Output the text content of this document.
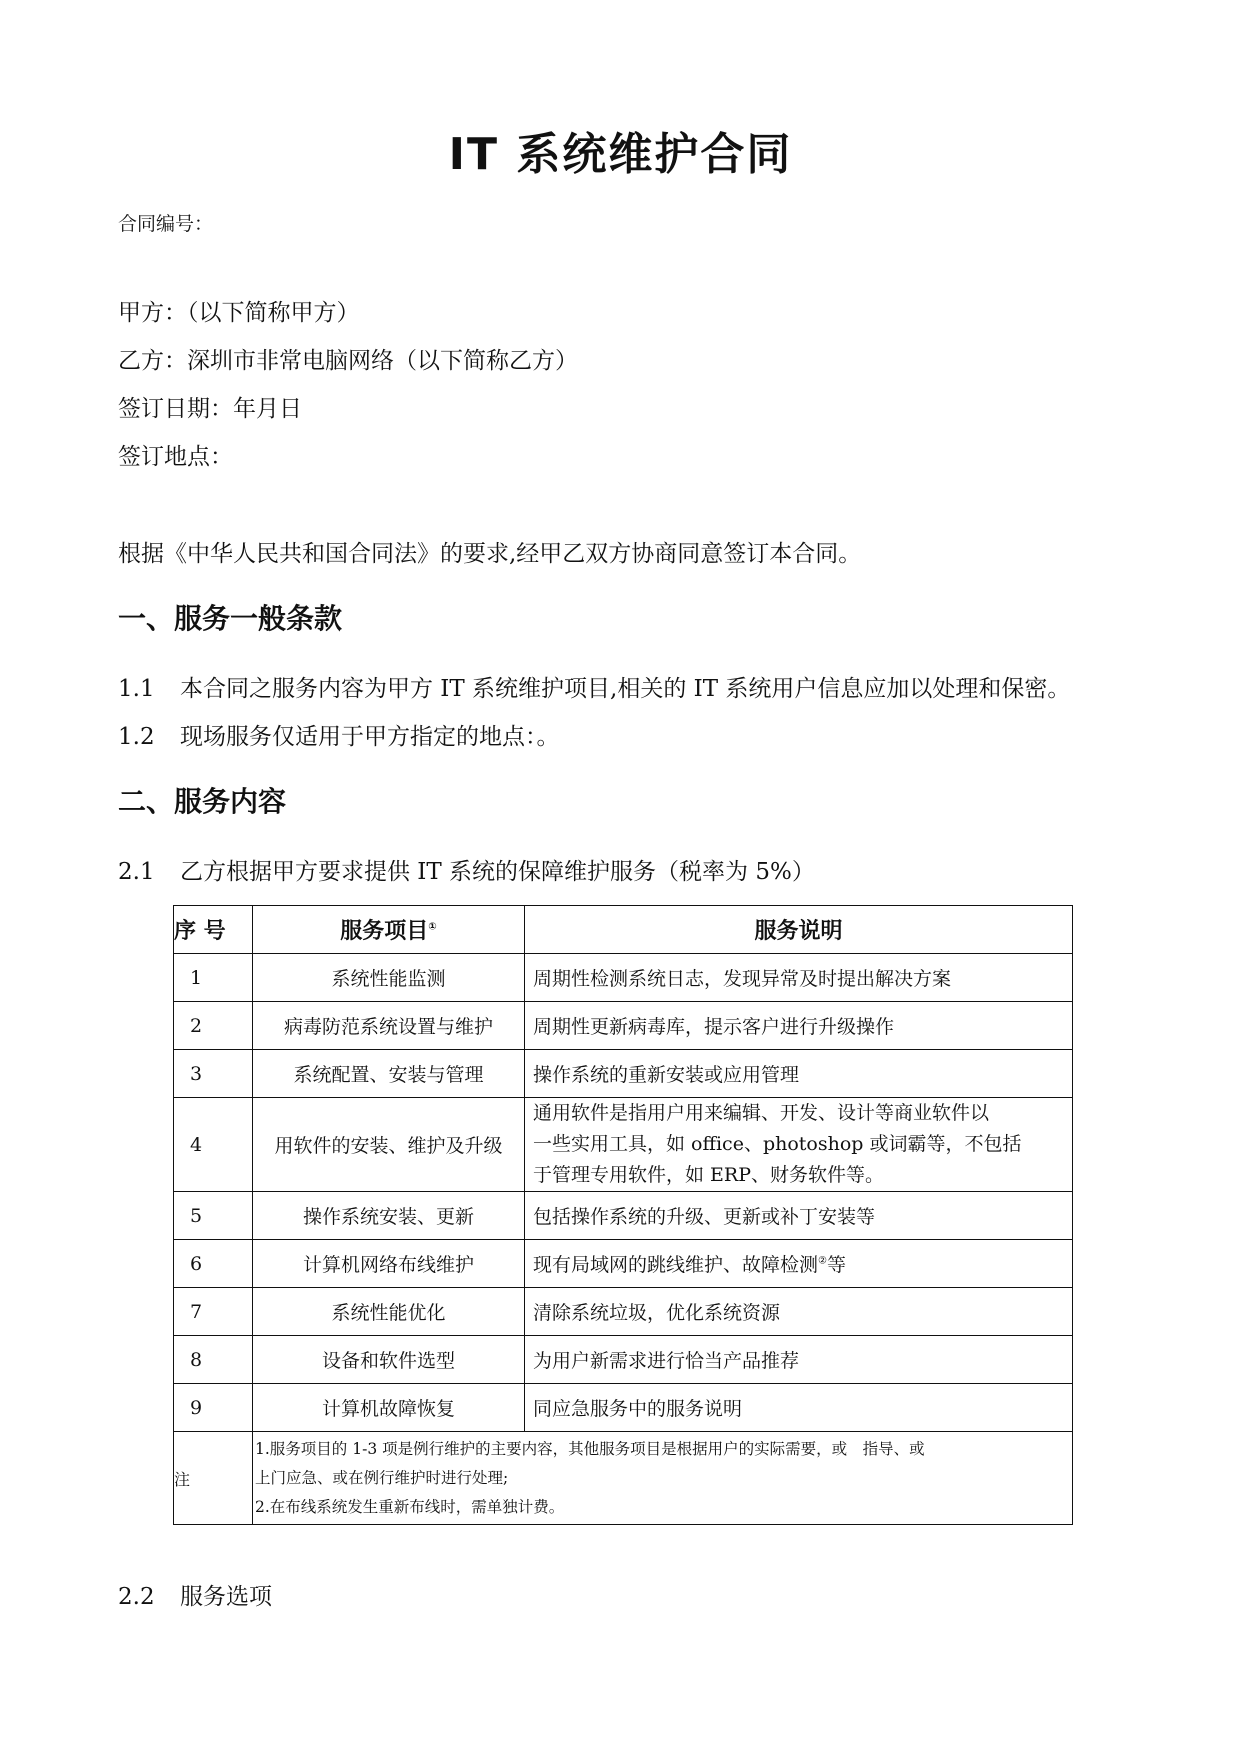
IT 系统维护合同
合同编号：
甲方：（以下简称甲方）
乙方：深圳市非常电脑网络（以下简称乙方）
签订日期：年月日
签订地点：
根据《中华人民共和国合同法》的要求,经甲乙双方协商同意签订本合同。
一、服务一般条款
1.1 本合同之服务内容为甲方 IT 系统维护项目,相关的 IT 系统用户信息应加以处理和保密。
1.2 现场服务仅适用于甲方指定的地点：。
二、服务内容
2.1 乙方根据甲方要求提供 IT 系统的保障维护服务（税率为 5%）
序 号	服务项目①	服务说明
1	系统性能监测	周期性检测系统日志，发现异常及时提出解决方案
2	病毒防范系统设置与维护	周期性更新病毒库，提示客户进行升级操作
3	系统配置、安装与管理	操作系统的重新安装或应用管理
4	用软件的安装、维护及升级	通用软件是指用户用来编辑、开发、设计等商业软件以
一些实用工具，如 office、photoshop 或词霸等，不包括
于管理专用软件，如 ERP、财务软件等。

5	操作系统安装、更新	包括操作系统的升级、更新或补丁安装等
6	计算机网络布线维护	现有局域网的跳线维护、故障检测②等
7	系统性能优化	清除系统垃圾，优化系统资源
8	设备和软件选型	为用户新需求进行恰当产品推荐
9	计算机故障恢复	同应急服务中的服务说明
注	1.服务项目的 1-3 项是例行维护的主要内容，其他服务项目是根据用户的实际需要，或　指导、或
上门应急、或在例行维护时进行处理;
2.在布线系统发生重新布线时，需单独计费。	
2.2 服务选项
